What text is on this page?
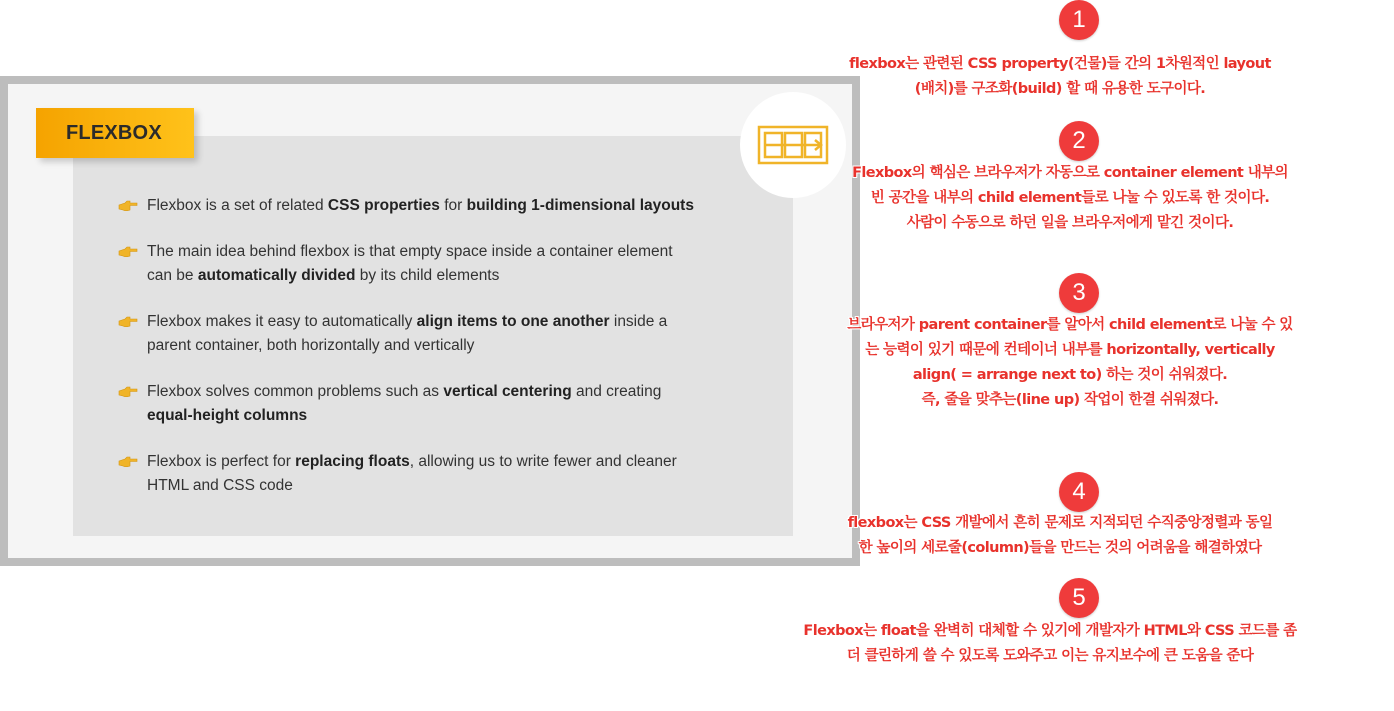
FLEXBOX
Flexbox is a set of related CSS properties for building 1-dimensional layouts
The main idea behind flexbox is that empty space inside a container element
can be automatically divided by its child elements
Flexbox makes it easy to automatically align items to one another inside a
parent container, both horizontally and vertically
Flexbox solves common problems such as vertical centering and creating
equal-height columns
Flexbox is perfect for replacing floats, allowing us to write fewer and cleaner
HTML and CSS code
1
flexbox는 관련된 CSS property(건물)들 간의 1차원적인 layout
(배치)를 구조화(build) 할 때 유용한 도구이다.
2
Flexbox의 핵심은 브라우저가 자동으로 container element 내부의
빈 공간을 내부의 child element들로 나눌 수 있도록 한 것이다.
사람이 수동으로 하던 일을 브라우저에게 맡긴 것이다.
3
브라우저가 parent container를 알아서 child element로 나눌 수 있
는 능력이 있기 때문에 컨테이너 내부를 horizontally, vertically
align( = arrange next to) 하는 것이 쉬워졌다.
즉, 줄을 맞추는(line up) 작업이 한결 쉬워졌다.
4
flexbox는 CSS 개발에서 흔히 문제로 지적되던 수직중앙정렬과 동일
한 높이의 세로줄(column)들을 만드는 것의 어려움을 해결하였다
5
Flexbox는 float을 완벽히 대체할 수 있기에 개발자가 HTML와 CSS 코드를 좀
더 클린하게 쓸 수 있도록 도와주고 이는 유지보수에 큰 도움을 준다
